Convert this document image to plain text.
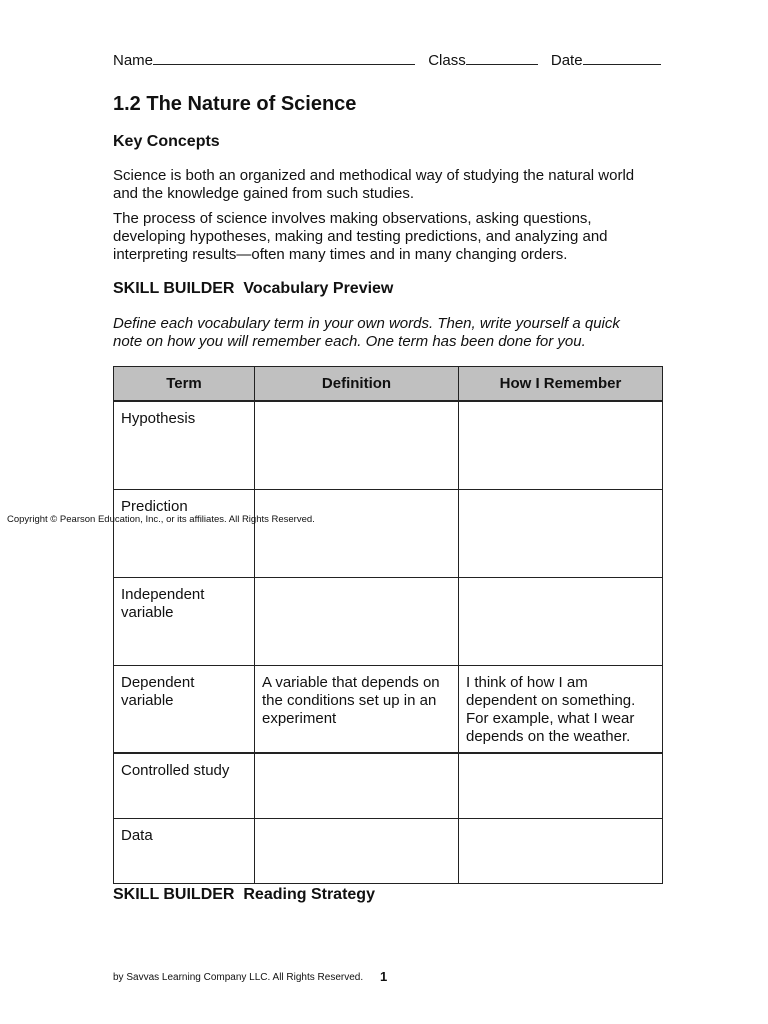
Name	Class	Date
1.2 The Nature of Science
Key Concepts
Science is both an organized and methodical way of studying the natural world and the knowledge gained from such studies.
The process of science involves making observations, asking questions, developing hypotheses, making and testing predictions, and analyzing and interpreting results—often many times and in many changing orders.
SKILL BUILDER  Vocabulary Preview
Define each vocabulary term in your own words. Then, write yourself a quick note on how you will remember each. One term has been done for you.
Term	Definition	How I Remember

Hypothesis		

Prediction		

Independent variable		

Dependent variable	A variable that depends on the conditions set up in an experiment	I think of how I am dependent on something. For example, what I wear depends on the weather.

Controlled study		

Data		

Copyright © Pearson Education, Inc., or its affiliates. All Rights Reserved.
SKILL BUILDER  Reading Strategy
by Savvas Learning Company LLC. All Rights Reserved. 1
